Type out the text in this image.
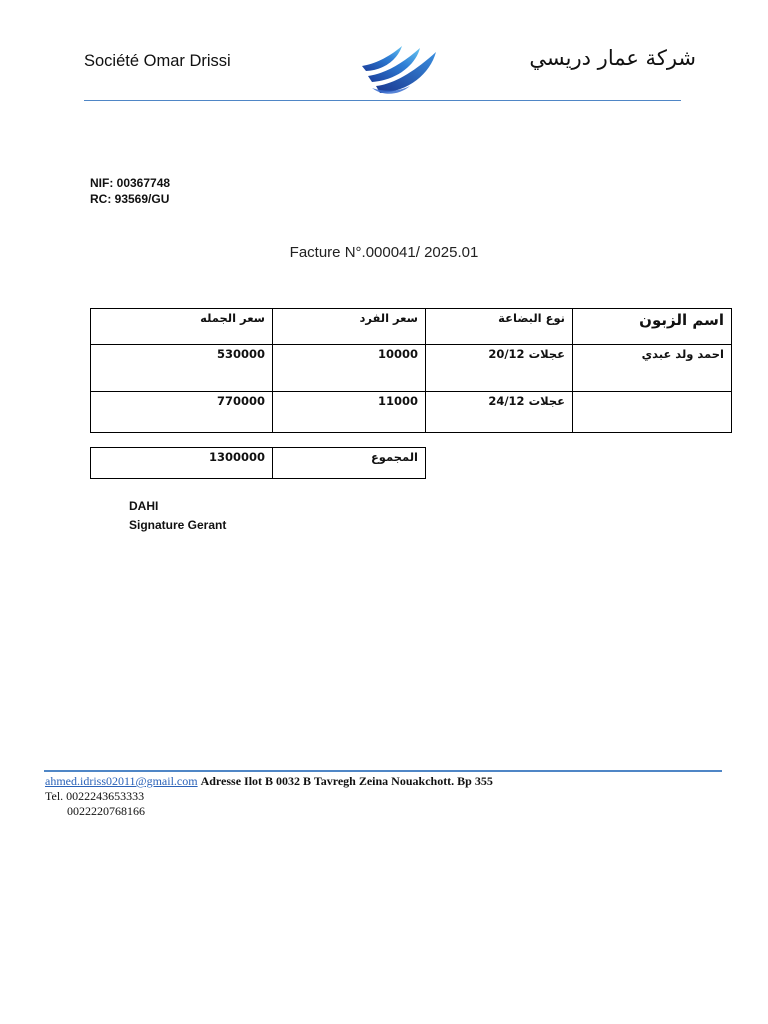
Société Omar Drissi	شركة عمار دريسي
NIF: 00367748
RC: 93569/GU
Facture N°.000041/ 2025.01
سعر الجمله	سعر الفرد	نوع البضاعة	اسم الزبون
530000	10000	عجلات 20/12	احمد ولد عبدي
770000	11000	عجلات 24/12	
1300000	المجموع
DAHI
Signature Gerant
ahmed.idriss02011@gmail.com Adresse Ilot B 0032 B Tavregh Zeina Nouakchott. Bp 355
Tel. 0022243653333
0022220768166
